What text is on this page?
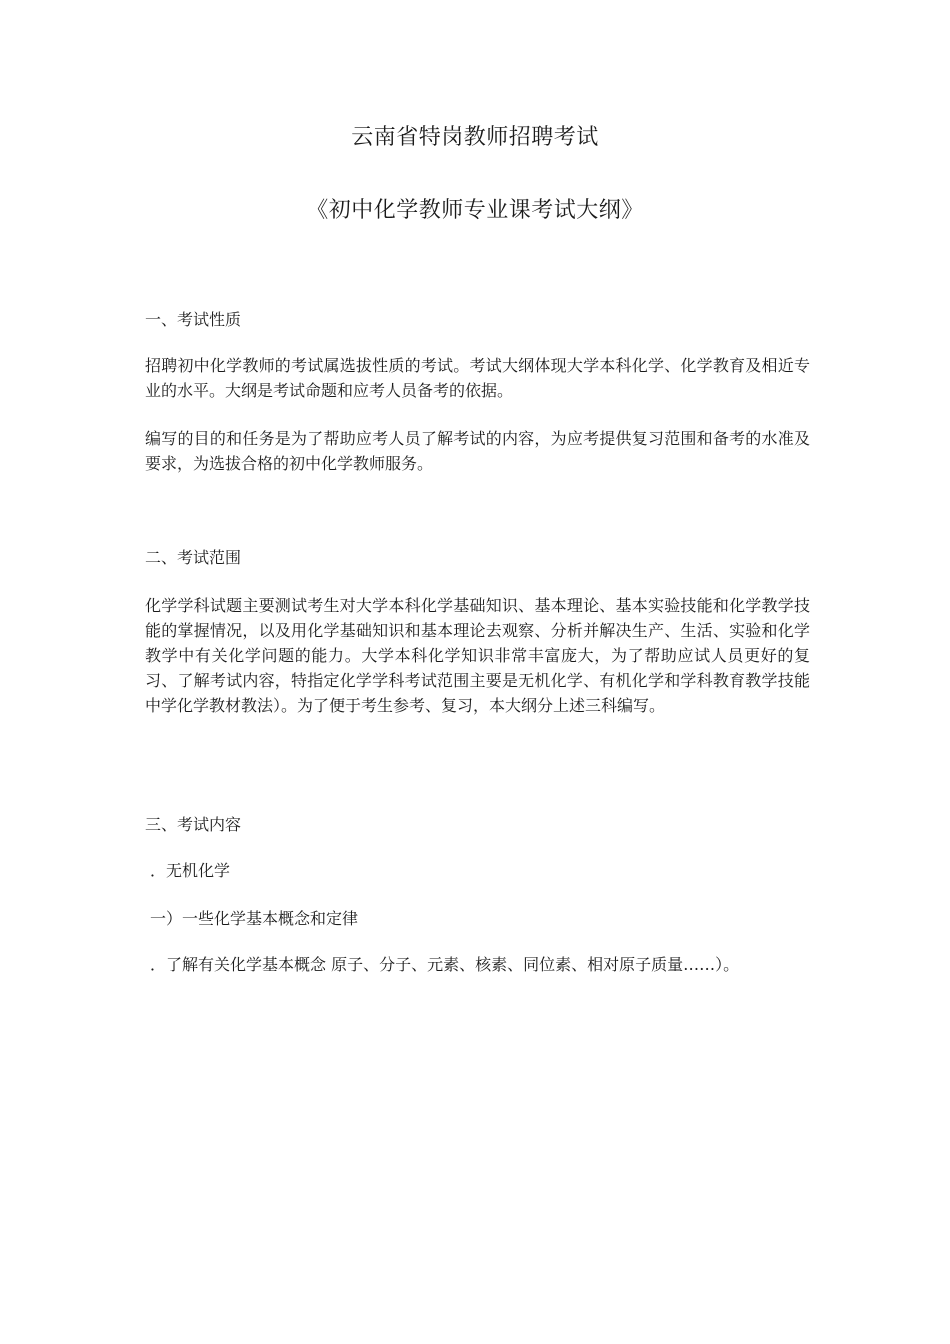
云南省特岗教师招聘考试
《初中化学教师专业课考试大纲》
一、考试性质
招聘初中化学教师的考试属选拔性质的考试。考试大纲体现大学本科化学、化学教育及相近专业的水平。大纲是考试命题和应考人员备考的依据。
编写的目的和任务是为了帮助应考人员了解考试的内容，为应考提供复习范围和备考的水准及要求，为选拔合格的初中化学教师服务。
二、考试范围
化学学科试题主要测试考生对大学本科化学基础知识、基本理论、基本实验技能和化学教学技能的掌握情况，以及用化学基础知识和基本理论去观察、分析并解决生产、生活、实验和化学教学中有关化学问题的能力。大学本科化学知识非常丰富庞大，为了帮助应试人员更好的复习、了解考试内容，特指定化学学科考试范围主要是无机化学、有机化学和学科教育教学技能 中学化学教材教法）。为了便于考生参考、复习，本大纲分上述三科编写。
三、考试内容
．无机化学
一）一些化学基本概念和定律
．了解有关化学基本概念 原子、分子、元素、核素、同位素、相对原子质量……）。
